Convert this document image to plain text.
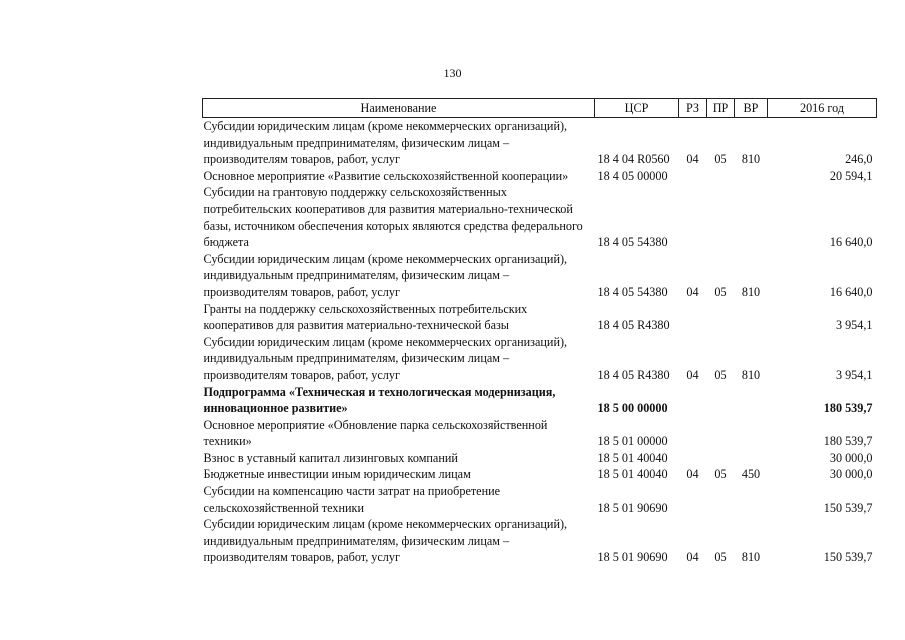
130
Наименование	ЦСР	РЗ	ПР	ВР	2016 год
Субсидии юридическим лицам (кроме некоммерческих организаций), индивидуальным предпринимателям, физическим лицам – производителям товаров, работ, услуг	18 4 04 R0560	04	05	810	246,0
Основное мероприятие «Развитие сельскохозяйственной кооперации»	18 4 05 00000				20 594,1
Субсидии на грантовую поддержку сельскохозяйственных потребительских кооперативов для развития материально-технической базы, источником обеспечения которых являются средства федерального бюджета	18 4 05 54380				16 640,0
Субсидии юридическим лицам (кроме некоммерческих организаций), индивидуальным предпринимателям, физическим лицам – производителям товаров, работ, услуг	18 4 05 54380	04	05	810	16 640,0
Гранты на поддержку сельскохозяйственных потребительских кооперативов для развития материально-технической базы	18 4 05 R4380				3 954,1
Субсидии юридическим лицам (кроме некоммерческих организаций), индивидуальным предпринимателям, физическим лицам – производителям товаров, работ, услуг	18 4 05 R4380	04	05	810	3 954,1
Подпрограмма «Техническая и технологическая модернизация, инновационное развитие»	18 5 00 00000				180 539,7
Основное мероприятие «Обновление парка сельскохозяйственной техники»	18 5 01 00000				180 539,7
Взнос в уставный капитал лизинговых компаний	18 5 01 40040				30 000,0
Бюджетные инвестиции иным юридическим лицам	18 5 01 40040	04	05	450	30 000,0
Субсидии на компенсацию части затрат на приобретение сельскохозяйственной техники	18 5 01 90690				150 539,7
Субсидии юридическим лицам (кроме некоммерческих организаций), индивидуальным предпринимателям, физическим лицам – производителям товаров, работ, услуг	18 5 01 90690	04	05	810	150 539,7
